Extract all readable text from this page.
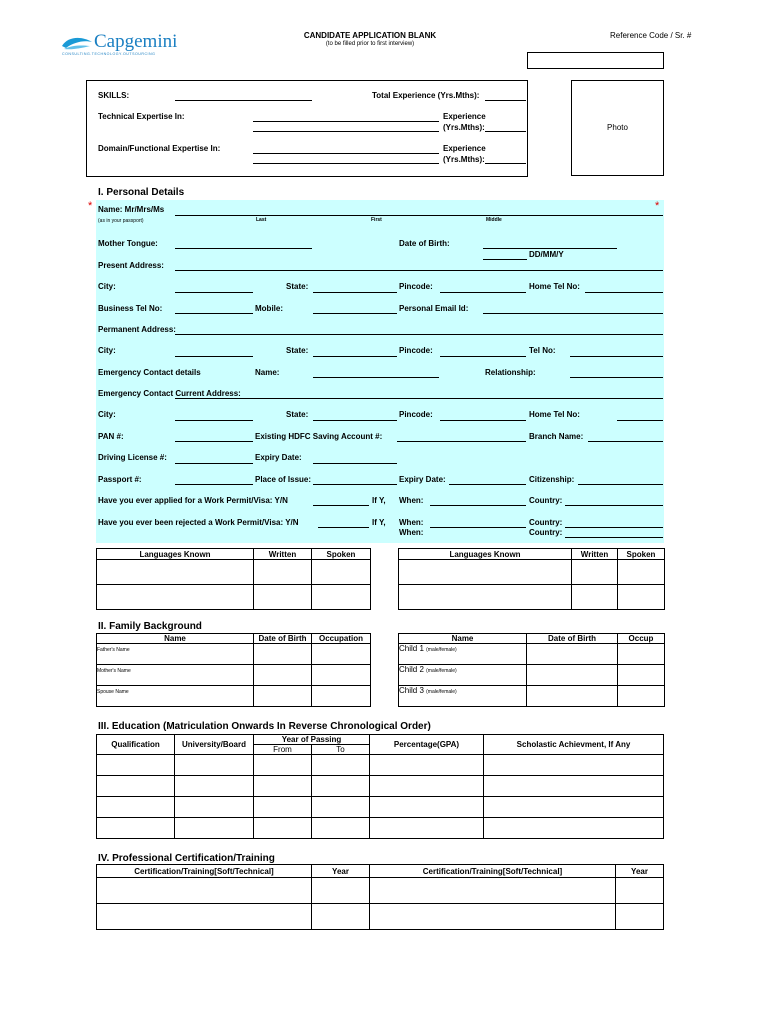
Capgemini
CONSULTING.TECHNOLOGY.OUTSOURCING
CANDIDATE APPLICATION BLANK
(to be filled prior to first interview)
Reference Code / Sr. #
SKILLS:	Total Experience (Yrs.Mths):
Technical Expertise In:	Experience
(Yrs.Mths):
Domain/Functional Expertise In:	Experience
(Yrs.Mths):
Photo
I. Personal Details
*	*
Name: Mr/Mrs/Ms
(as in your passport)	Last	First	Middle
Mother Tongue:	Date of Birth:
DD/MM/Y
Present Address:
City:	State:	Pincode:	Home Tel No:
Business Tel No:	Mobile:	Personal Email Id:
Permanent Address:
City:	State:	Pincode:	Tel No:
Emergency Contact details	Name:	Relationship:
Emergency Contact Current Address:
City:	State:	Pincode:	Home Tel No:
PAN #:	Existing HDFC Saving Account #:	Branch Name:
Driving License #:	Expiry Date:
Passport #:	Place of Issue:	Expiry Date:	Citizenship:
Have you ever applied for a Work Permit/Visa: Y/N	If Y, When:	Country:
Have you ever been rejected a Work Permit/Visa: Y/N	If Y, When:	Country:
When:	Country:
Languages Known	Written	Spoken

			Languages Known	Written	Spoken

II. Family Background
Name	Date of Birth	Occupation
Father's Name		
Mother's Name		
Spouse Name		
Name	Date of Birth	Occup
Child 1 (male/female)		
Child 2 (male/female)		
Child 3 (male/female)		
III. Education (Matriculation Onwards In Reverse Chronological Order)
Qualification	University/Board	Year of Passing		Percentage(GPA)	Scholastic Achievment, If Any
		From	To		

IV. Professional Certification/Training
Certification/Training[Soft/Technical]	Year	Certification/Training[Soft/Technical]	Year
